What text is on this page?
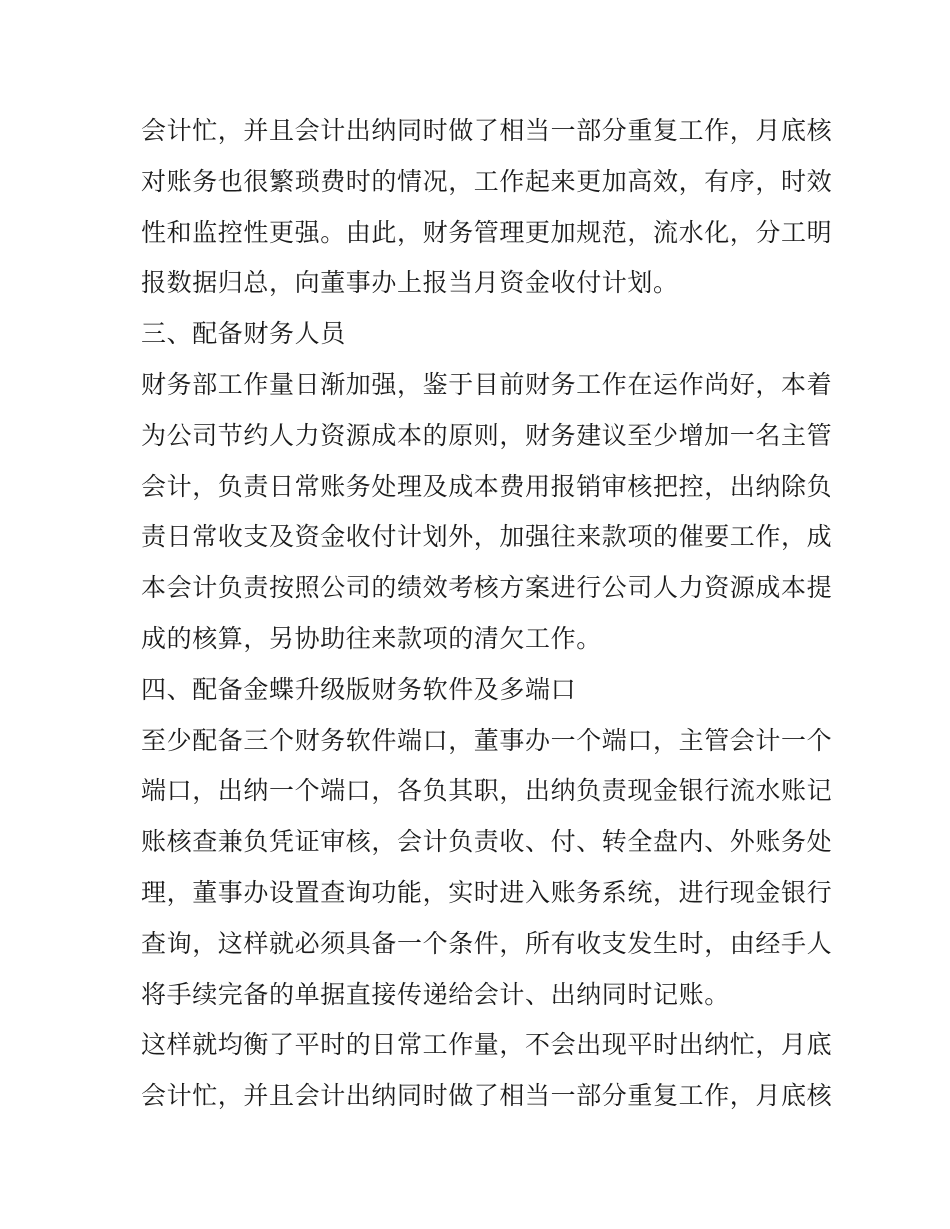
会计忙，并且会计出纳同时做了相当一部分重复工作，月底核
对账务也很繁琐费时的情况，工作起来更加高效，有序，时效
性和监控性更强。由此，财务管理更加规范，流水化，分工明
报数据归总，向董事办上报当月资金收付计划。
三、配备财务人员
财务部工作量日渐加强，鉴于目前财务工作在运作尚好，本着
为公司节约人力资源成本的原则，财务建议至少增加一名主管
会计，负责日常账务处理及成本费用报销审核把控，出纳除负
责日常收支及资金收付计划外，加强往来款项的催要工作，成
本会计负责按照公司的绩效考核方案进行公司人力资源成本提
成的核算，另协助往来款项的清欠工作。
四、配备金蝶升级版财务软件及多端口
至少配备三个财务软件端口，董事办一个端口，主管会计一个
端口，出纳一个端口，各负其职，出纳负责现金银行流水账记
账核查兼负凭证审核，会计负责收、付、转全盘内、外账务处
理，董事办设置查询功能，实时进入账务系统，进行现金银行
查询，这样就必须具备一个条件，所有收支发生时，由经手人
将手续完备的单据直接传递给会计、出纳同时记账。
这样就均衡了平时的日常工作量，不会出现平时出纳忙，月底
会计忙，并且会计出纳同时做了相当一部分重复工作，月底核
